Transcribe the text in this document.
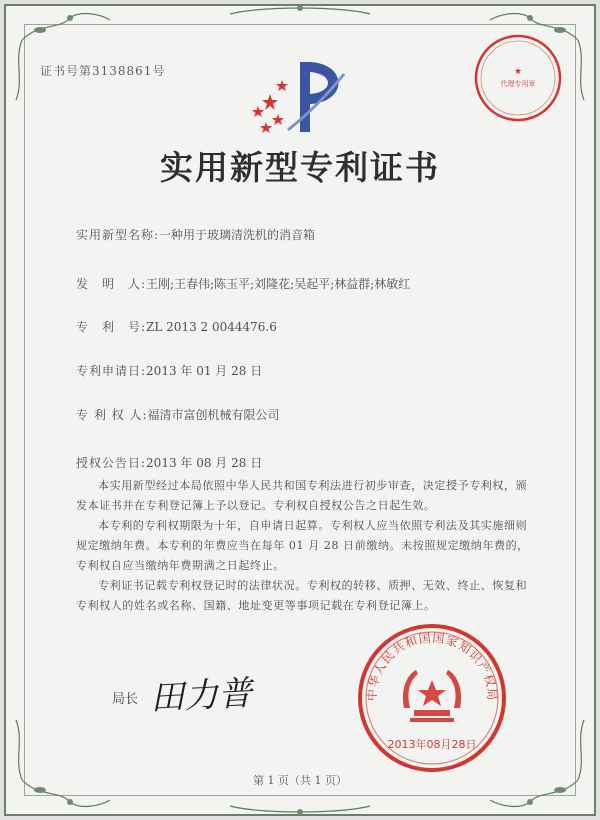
证书号第3138861号	★
代理专用章
实用新型专利证书
实用新型名称:一种用于玻璃清洗机的消音箱
发　明　人:王刚;王春伟;陈玉平;刘隆花;吴起平;林益群;林敏红
专　利　号:ZL 2013 2 0044476.6
专利申请日:2013 年 01 月 28 日
专 利 权 人:福清市富创机械有限公司
授权公告日:2013 年 08 月 28 日

本实用新型经过本局依照中华人民共和国专利法进行初步审查，决定授予专利权，颁发本证书并在专利登记簿上予以登记。专利权自授权公告之日起生效。

本专利的专利权期限为十年，自申请日起算。专利权人应当依照专利法及其实施细则规定缴纳年费。本专利的年费应当在每年 01 月 28 日前缴纳。未按照规定缴纳年费的，专利权自应当缴纳年费期满之日起终止。

专利证书记载专利权登记时的法律状况。专利权的转移、质押、无效、终止、恢复和专利权人的姓名或名称、国籍、地址变更等事项记载在专利登记簿上。

局长 田力普	中华人民共和国国家知识产权局
2013年08月28日
第 1 页（共 1 页）
